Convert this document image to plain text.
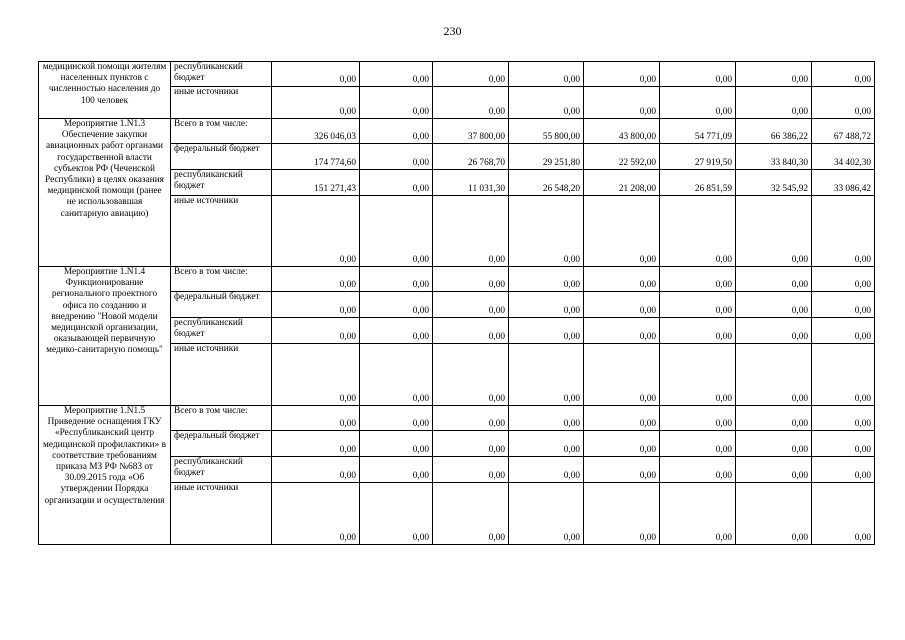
230
медицинской помощи жителям населенных пунктов с численностью населения до 100 человек	республиканский бюджет	0,00	0,00	0,00	0,00	0,00	0,00	0,00	0,00
	иные источники	0,00	0,00	0,00	0,00	0,00	0,00	0,00	0,00
Мероприятие 1.N1.3 Обеспечение закупки авиационных работ органами государственной власти субъектов РФ (Чеченской Республики) в целях оказания медицинской помощи (ранее не использовавшая санитарную авиацию)	Всего в том числе:	326 046,03	0,00	37 800,00	55 800,00	43 800,00	54 771,09	66 386,22	67 488,72
	федеральный бюджет	174 774,60	0,00	26 768,70	29 251,80	22 592,00	27 919,50	33 840,30	34 402,30
	республиканский бюджет	151 271,43	0,00	11 031,30	26 548,20	21 208,00	26 851,59	32 545,92	33 086,42
	иные источники	0,00	0,00	0,00	0,00	0,00	0,00	0,00	0,00
Мероприятие 1.N1.4 Функционирование регионального проектного офиса по созданию и внедрению "Новой модели медицинской организации, оказывающей первичную медико-санитарную помощь"	Всего в том числе:	0,00	0,00	0,00	0,00	0,00	0,00	0,00	0,00
	федеральный бюджет	0,00	0,00	0,00	0,00	0,00	0,00	0,00	0,00
	республиканский бюджет	0,00	0,00	0,00	0,00	0,00	0,00	0,00	0,00
	иные источники	0,00	0,00	0,00	0,00	0,00	0,00	0,00	0,00
Мероприятие 1.N1.5 Приведение оснащения ГКУ «Республиканский центр медицинской профилактики» в соответствие требованиям приказа МЗ РФ №683 от 30.09.2015 года «Об утверждении Порядка организации и осуществления	Всего в том числе:	0,00	0,00	0,00	0,00	0,00	0,00	0,00	0,00
	федеральный бюджет	0,00	0,00	0,00	0,00	0,00	0,00	0,00	0,00
	республиканский бюджет	0,00	0,00	0,00	0,00	0,00	0,00	0,00	0,00
	иные источники	0,00	0,00	0,00	0,00	0,00	0,00	0,00	0,00
